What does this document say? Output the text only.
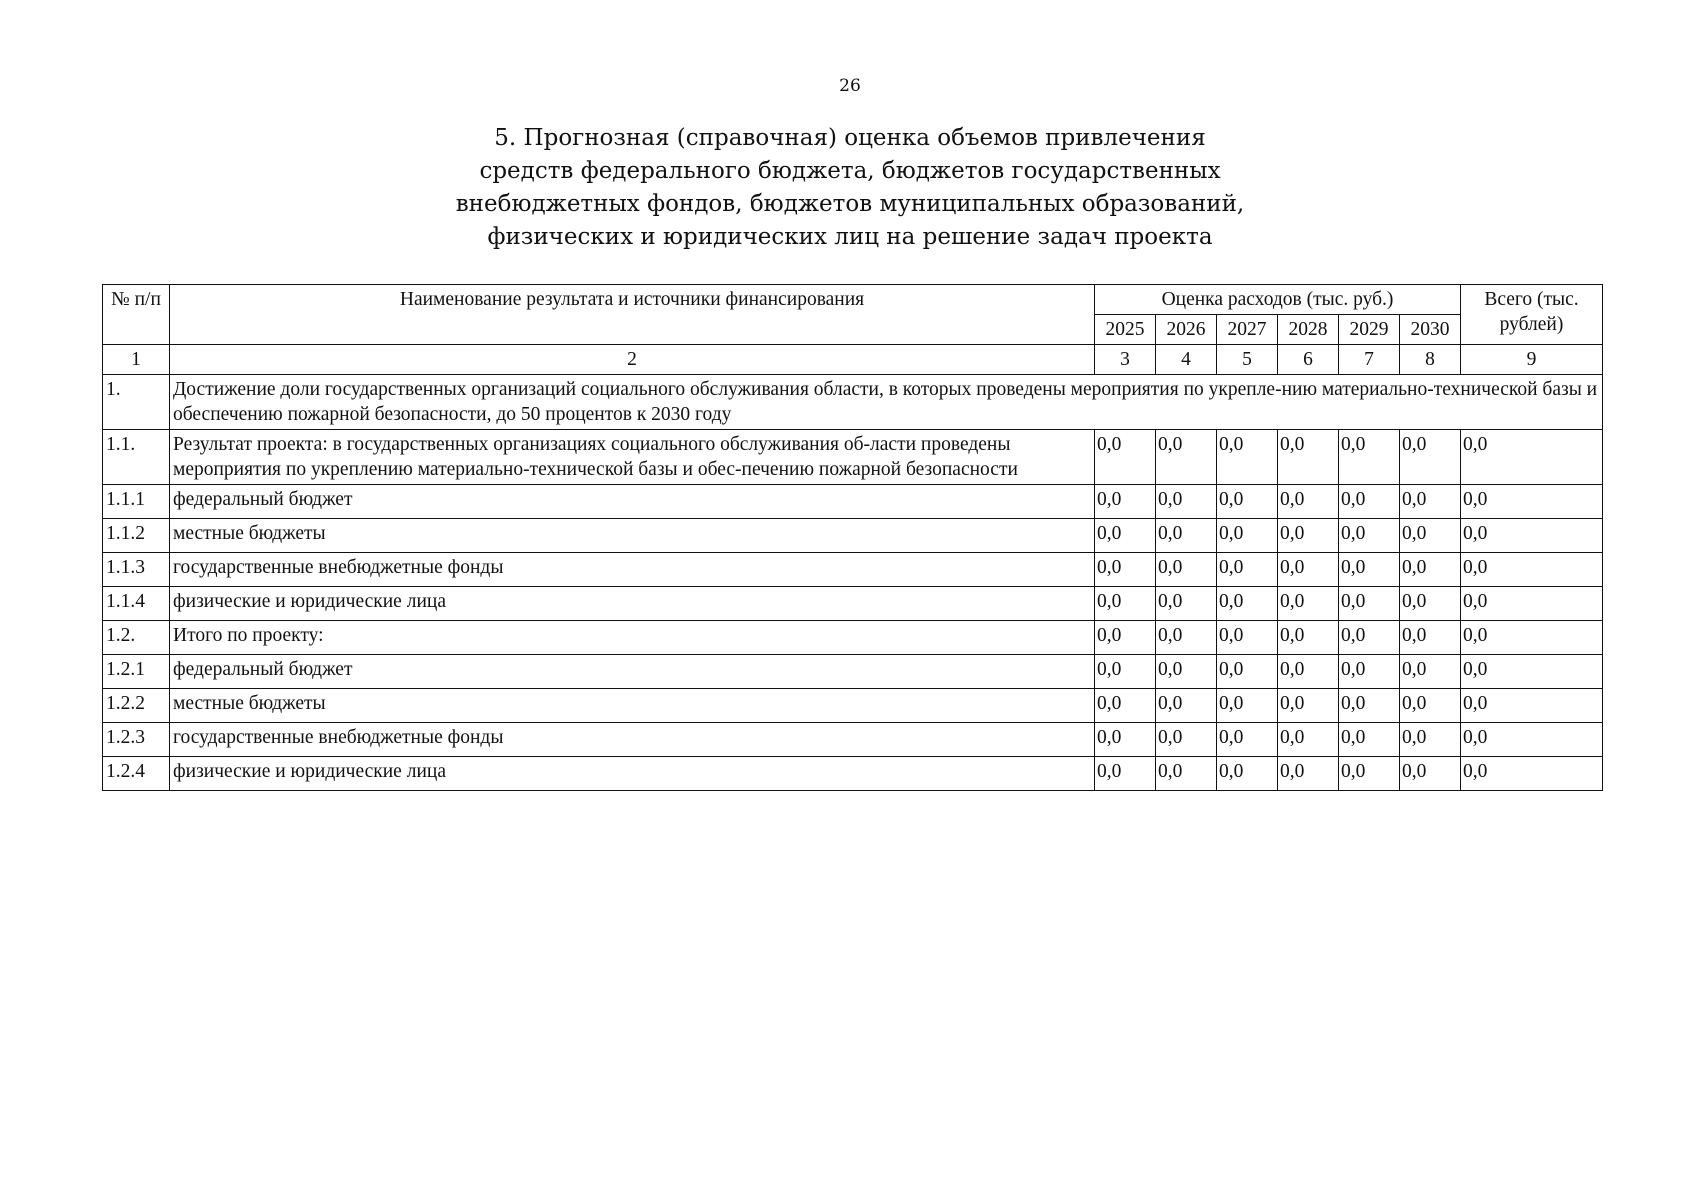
26
5. Прогнозная (справочная) оценка объемов привлечения
средств федерального бюджета, бюджетов государственных
внебюджетных фондов, бюджетов муниципальных образований,
физических и юридических лиц на решение задач проекта
№ п/п	Наименование результата и источники финансирования	Оценка расходов (тыс. руб.)						Всего (тыс. рублей)
		2025	2026	2027	2028	2029	2030	
1	2	3	4	5	6	7	8	9
1.	Достижение доли государственных организаций социального обслуживания области, в которых проведены мероприятия по укрепле-нию материально-технической базы и обеспечению пожарной безопасности, до 50 процентов к 2030 году							
1.1.	Результат проекта: в государственных организациях социального обслуживания об-ласти проведены мероприятия по укреплению материально-технической базы и обес-печению пожарной безопасности	0,0	0,0	0,0	0,0	0,0	0,0	0,0
1.1.1	федеральный бюджет	0,0	0,0	0,0	0,0	0,0	0,0	0,0
1.1.2	местные бюджеты	0,0	0,0	0,0	0,0	0,0	0,0	0,0
1.1.3	государственные внебюджетные фонды	0,0	0,0	0,0	0,0	0,0	0,0	0,0
1.1.4	физические и юридические лица	0,0	0,0	0,0	0,0	0,0	0,0	0,0
1.2.	Итого по проекту:	0,0	0,0	0,0	0,0	0,0	0,0	0,0
1.2.1	федеральный бюджет	0,0	0,0	0,0	0,0	0,0	0,0	0,0
1.2.2	местные бюджеты	0,0	0,0	0,0	0,0	0,0	0,0	0,0
1.2.3	государственные внебюджетные фонды	0,0	0,0	0,0	0,0	0,0	0,0	0,0
1.2.4	физические и юридические лица	0,0	0,0	0,0	0,0	0,0	0,0	0,0
